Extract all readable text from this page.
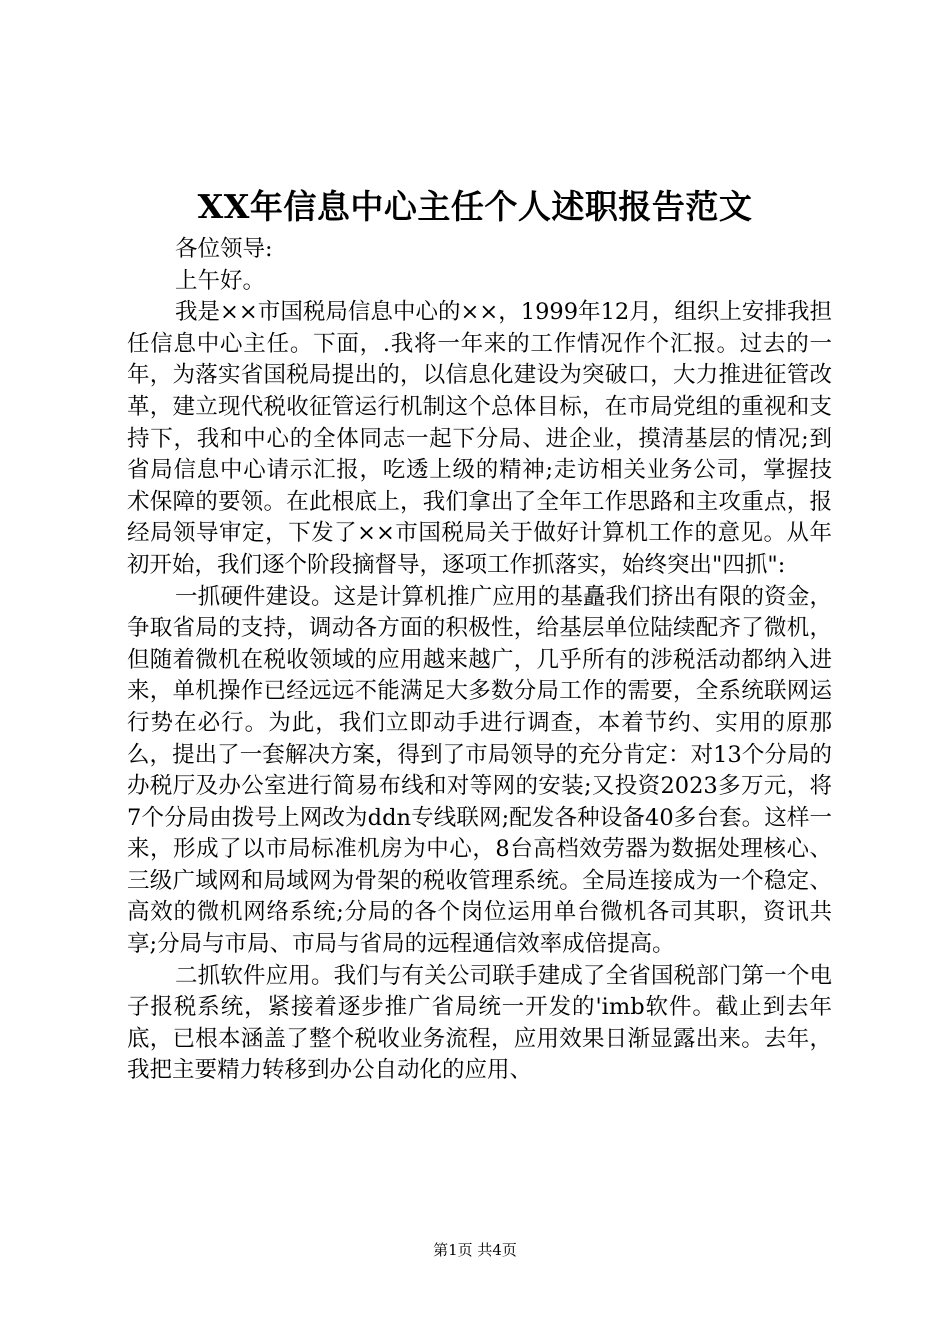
XX年信息中心主任个人述职报告范文

各位领导:

上午好。

我是××市国税局信息中心的××，1999年12月，组织上安排我担任信息中心主任。下面，.我将一年来的工作情况作个汇报。过去的一年，为落实省国税局提出的，以信息化建设为突破口，大力推进征管改革，建立现代税收征管运行机制这个总体目标，在市局党组的重视和支持下，我和中心的全体同志一起下分局、进企业，摸清基层的情况;到省局信息中心请示汇报，吃透上级的精神;走访相关业务公司，掌握技术保障的要领。在此根底上，我们拿出了全年工作思路和主攻重点，报经局领导审定，下发了××市国税局关于做好计算机工作的意见。从年初开始，我们逐个阶段摘督导，逐项工作抓落实，始终突出"四抓":

一抓硬件建设。这是计算机推广应用的基矗我们挤出有限的资金，争取省局的支持，调动各方面的积极性，给基层单位陆续配齐了微机，但随着微机在税收领域的应用越来越广，几乎所有的涉税活动都纳入进来，单机操作已经远远不能满足大多数分局工作的需要，全系统联网运行势在必行。为此，我们立即动手进行调查，本着节约、实用的原那么，提出了一套解决方案，得到了市局领导的充分肯定：对13个分局的办税厅及办公室进行简易布线和对等网的安装;又投资2023多万元，将7个分局由拨号上网改为ddn专线联网;配发各种设备40多台套。这样一来，形成了以市局标准机房为中心，8台高档效劳器为数据处理核心、三级广域网和局域网为骨架的税收管理系统。全局连接成为一个稳定、高效的微机网络系统;分局的各个岗位运用单台微机各司其职，资讯共享;分局与市局、市局与省局的远程通信效率成倍提高。

二抓软件应用。我们与有关公司联手建成了全省国税部门第一个电子报税系统，紧接着逐步推广省局统一开发的'imb软件。截止到去年底，已根本涵盖了整个税收业务流程，应用效果日渐显露出来。去年，我把主要精力转移到办公自动化的应用、

第1页 共4页
